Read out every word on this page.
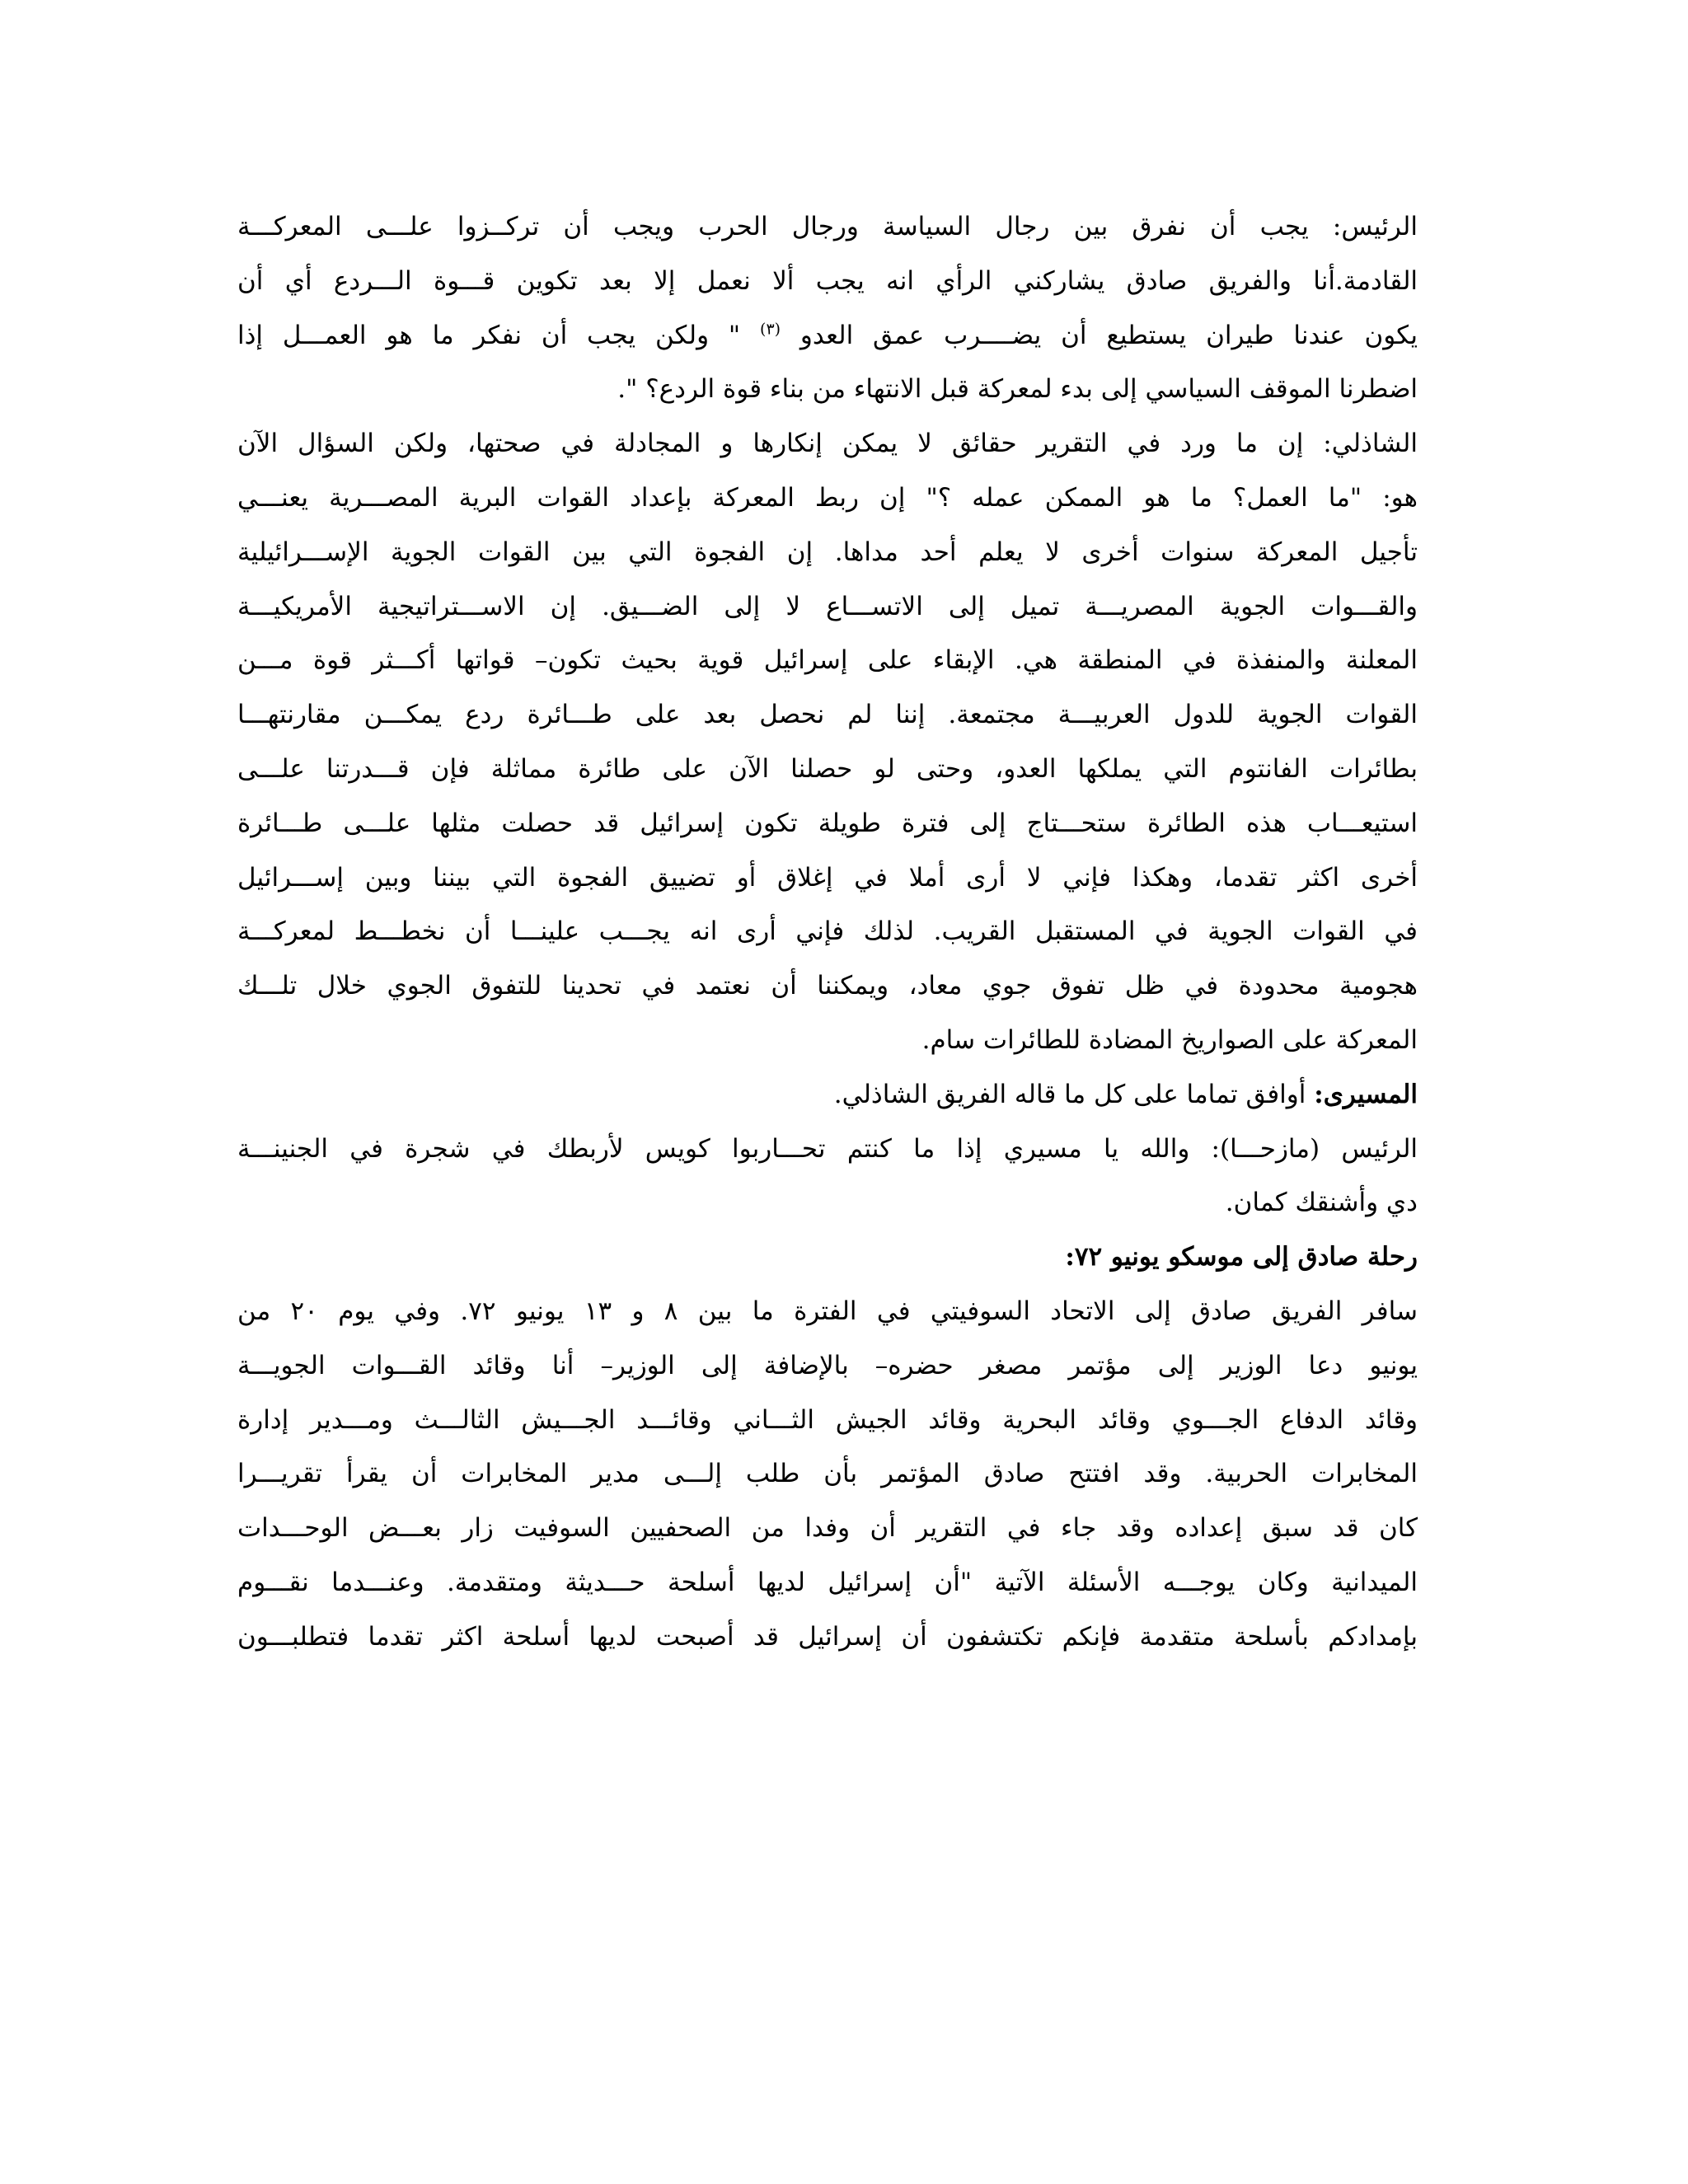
الرئيس: يجب أن نفرق بين رجال السياسة ورجال الحرب ويجب أن تركــزوا علـــى المعركـــة
القادمة.أنا والفريق صادق يشاركني الرأي انه يجب ألا نعمل إلا بعد تكوين قـــوة الـــردع أي أن
يكون عندنا طيران يستطيع أن يضــــرب عمق العدو $^{(٣)}$ " ولكن يجب أن نفكر ما هو العمـــل إذا
اضطرنا الموقف السياسي إلى بدء لمعركة قبل الانتهاء من بناء قوة الردع؟ ".
الشاذلي: إن ما ورد في التقرير حقائق لا يمكن إنكارها و المجادلة في صحتها، ولكن السؤال الآن
هو: "ما العمل؟ ما هو الممكن عمله ؟" إن ربط المعركة بإعداد القوات البرية المصـــرية يعنـــي
تأجيل المعركة سنوات أخرى لا يعلم أحد مداها. إن الفجوة التي بين القوات الجوية الإســـرائيلية
والقـــوات الجوية المصريـــة تميل إلى الاتســـاع لا إلى الضـــيق. إن الاســـتراتيجية الأمريكيـــة
المعلنة والمنفذة في المنطقة هي. الإبقاء على إسرائيل قوية بحيث تكون– قواتها أكـــثر قوة مـــن
القوات الجوية للدول العربيـــة مجتمعة. إننا لم نحصل بعد على طـــائرة ردع يمكـــن مقارنتهـــا
بطائرات الفانتوم التي يملكها العدو، وحتى لو حصلنا الآن على طائرة مماثلة فإن قـــدرتنا علـــى
استيعـــاب هذه الطائرة ستحـــتاج إلى فترة طويلة تكون إسرائيل قد حصلت مثلها علـــى طـــائرة
أخرى اكثر تقدما، وهكذا فإني لا أرى أملا في إغلاق أو تضييق الفجوة التي بيننا وبين إســـرائيل
في القوات الجوية في المستقبل القريب. لذلك فإني أرى انه يجـــب علينـــا أن نخطـــط لمعركـــة
هجومية محدودة في ظل تفوق جوي معاد، ويمكننا أن نعتمد في تحدينا للتفوق الجوي خلال تلـــك
المعركة على الصواريخ المضادة للطائرات سام.
المسيرى: أوافق تماما على كل ما قاله الفريق الشاذلي.
الرئيس (مازحـــا): والله يا مسيري إذا ما كنتم تحـــاربوا كويس لأربطك في شجرة في الجنينـــة
دي وأشنقك كمان.
رحلة صادق إلى موسكو يونيو ٧٢:
سافر الفريق صادق إلى الاتحاد السوفيتي في الفترة ما بين ٨ و ١٣ يونيو ٧٢. وفي يوم ٢٠ من
يونيو دعا الوزير إلى مؤتمر مصغر حضره– بالإضافة إلى الوزير– أنا وقائد القـــوات الجويـــة
وقائد الدفاع الجـــوي وقائد البحرية وقائد الجيش الثـــاني وقائـــد الجـــيش الثالـــث ومـــدير إدارة
المخابرات الحربية. وقد افتتح صادق المؤتمر بأن طلب إلـــى مدير المخابرات أن يقرأ تقريـــرا
كان قد سبق إعداده وقد جاء في التقرير أن وفدا من الصحفيين السوفيت زار بعـــض الوحـــدات
الميدانية وكان يوجـــه الأسئلة الآتية "أن إسرائيل لديها أسلحة حـــديثة ومتقدمة. وعنـــدما نقـــوم
بإمدادكم بأسلحة متقدمة فإنكم تكتشفون أن إسرائيل قد أصبحت لديها أسلحة اكثر تقدما فتطلبـــون
